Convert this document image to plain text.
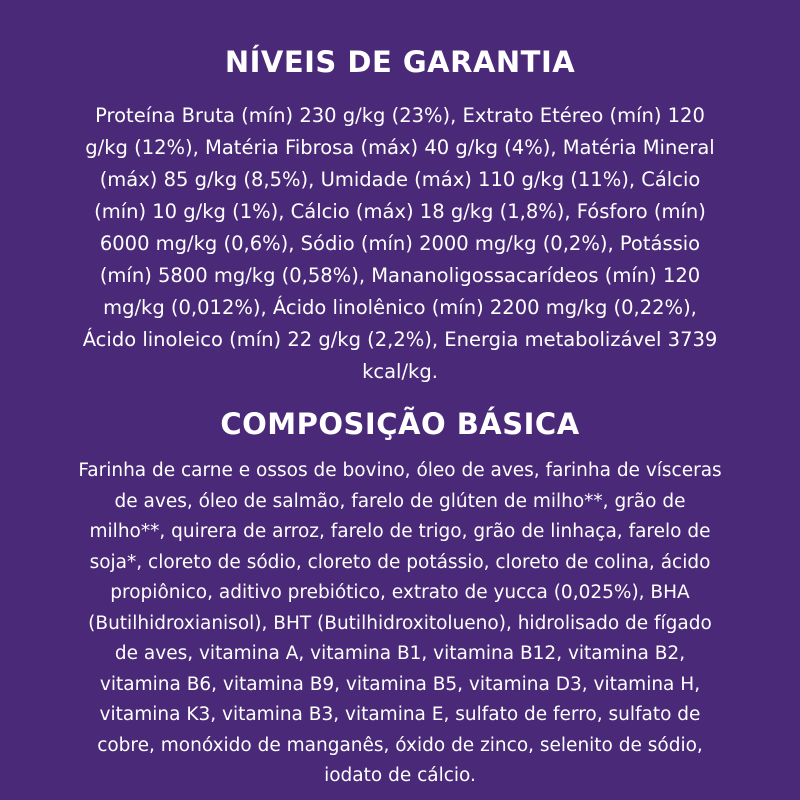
NÍVEIS DE GARANTIA

Proteína Bruta (mín) 230 g/kg (23%), Extrato Etéreo (mín) 120 g/kg (12%), Matéria Fibrosa (máx) 40 g/kg (4%), Matéria Mineral (máx) 85 g/kg (8,5%), Umidade (máx) 110 g/kg (11%), Cálcio (mín) 10 g/kg (1%), Cálcio (máx) 18 g/kg (1,8%), Fósforo (mín) 6000 mg/kg (0,6%), Sódio (mín) 2000 mg/kg (0,2%), Potássio (mín) 5800 mg/kg (0,58%), Mananoligossacarídeos (mín) 120 mg/kg (0,012%), Ácido linolênico (mín) 2200 mg/kg (0,22%), Ácido linoleico (mín) 22 g/kg (2,2%), Energia metabolizável 3739 kcal/kg.

COMPOSIÇÃO BÁSICA

Farinha de carne e ossos de bovino, óleo de aves, farinha de vísceras de aves, óleo de salmão, farelo de glúten de milho**, grão de milho**, quirera de arroz, farelo de trigo, grão de linhaça, farelo de soja*, cloreto de sódio, cloreto de potássio, cloreto de colina, ácido propiônico, aditivo prebiótico, extrato de yucca (0,025%), BHA (Butilhidroxianisol), BHT (Butilhidroxitolueno), hidrolisado de fígado de aves, vitamina A, vitamina B1, vitamina B12, vitamina B2, vitamina B6, vitamina B9, vitamina B5, vitamina D3, vitamina H, vitamina K3, vitamina B3, vitamina E, sulfato de ferro, sulfato de cobre, monóxido de manganês, óxido de zinco, selenito de sódio, iodato de cálcio.
